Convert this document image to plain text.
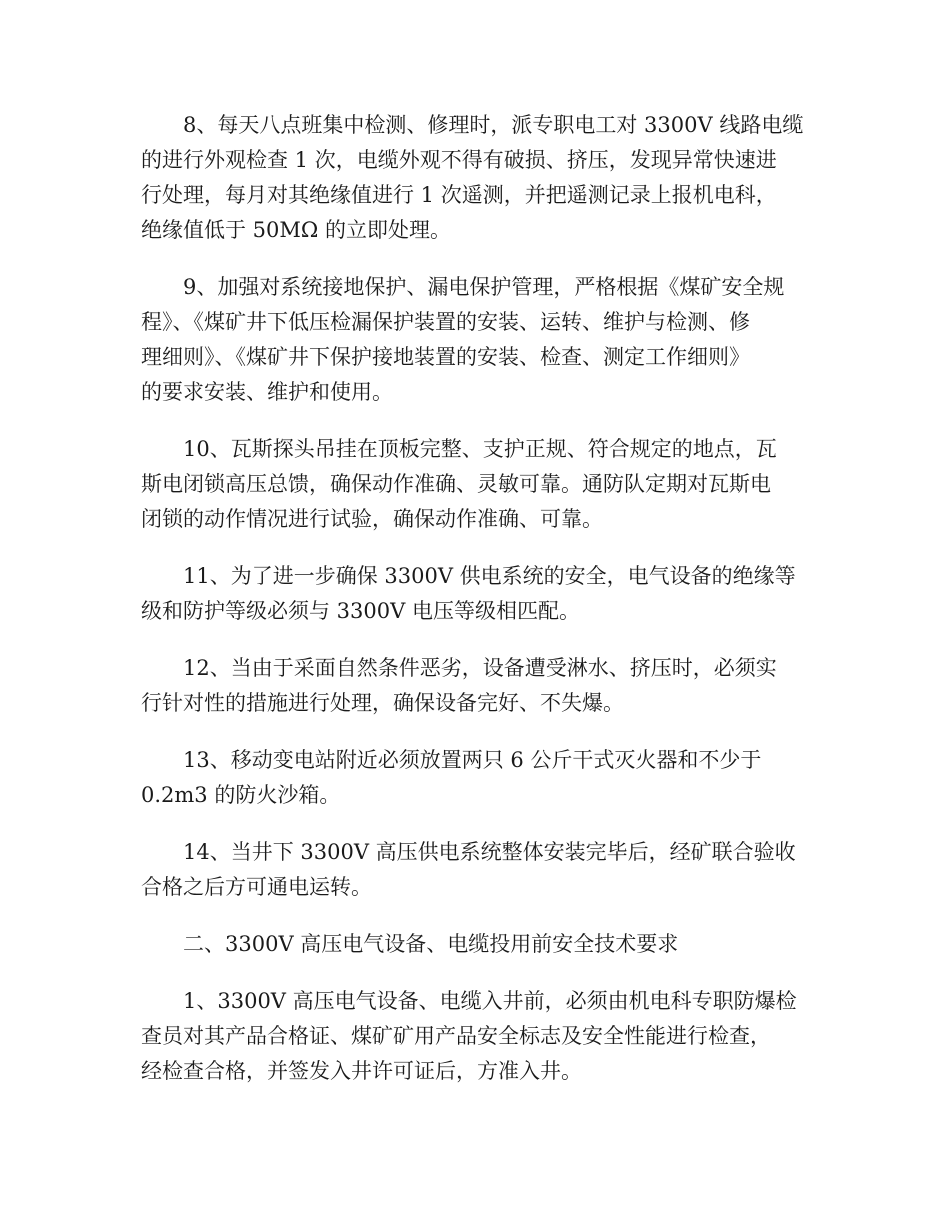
8、每天八点班集中检测、修理时，派专职电工对 3300V 线路电缆
的进行外观检查 1 次，电缆外观不得有破损、挤压，发现异常快速进
行处理，每月对其绝缘值进行 1 次遥测，并把遥测记录上报机电科，
绝缘值低于 50MΩ 的立即处理。

9、加强对系统接地保护、漏电保护管理，严格根据《煤矿安全规
程》、《煤矿井下低压检漏保护装置的安装、运转、维护与检测、修
理细则》、《煤矿井下保护接地装置的安装、检查、测定工作细则》
的要求安装、维护和使用。

10、瓦斯探头吊挂在顶板完整、支护正规、符合规定的地点，瓦
斯电闭锁高压总馈，确保动作准确、灵敏可靠。通防队定期对瓦斯电
闭锁的动作情况进行试验，确保动作准确、可靠。

11、为了进一步确保 3300V 供电系统的安全，电气设备的绝缘等
级和防护等级必须与 3300V 电压等级相匹配。

12、当由于采面自然条件恶劣，设备遭受淋水、挤压时，必须实
行针对性的措施进行处理，确保设备完好、不失爆。

13、移动变电站附近必须放置两只 6 公斤干式灭火器和不少于
0.2m3 的防火沙箱。

14、当井下 3300V 高压供电系统整体安装完毕后，经矿联合验收
合格之后方可通电运转。

二、3300V 高压电气设备、电缆投用前安全技术要求

1、3300V 高压电气设备、电缆入井前，必须由机电科专职防爆检
查员对其产品合格证、煤矿矿用产品安全标志及安全性能进行检查，
经检查合格，并签发入井许可证后，方准入井。
